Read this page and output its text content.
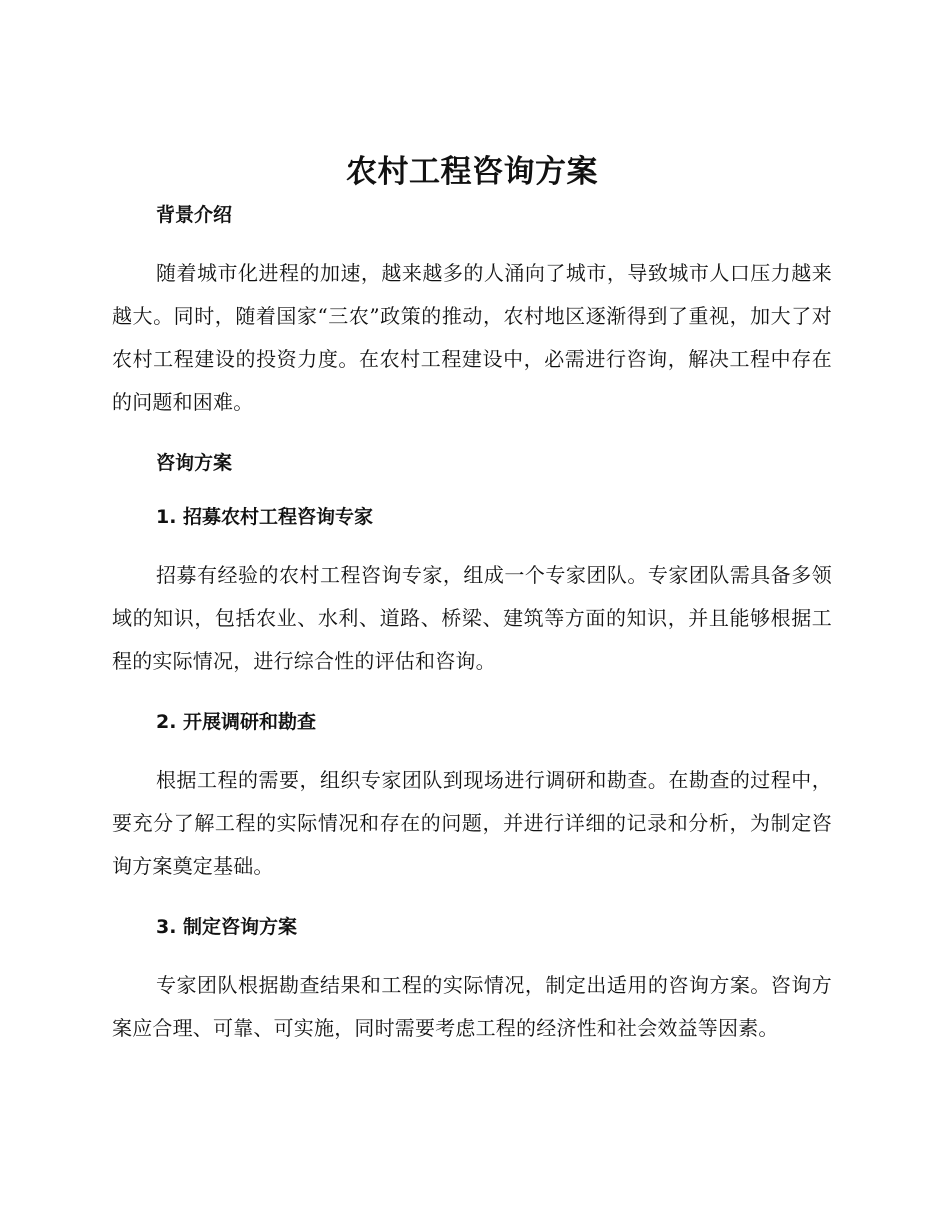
农村工程咨询方案
背景介绍

随着城市化进程的加速，越来越多的人涌向了城市，导致城市人口压力越来越大。同时，随着国家“三农”政策的推动，农村地区逐渐得到了重视，加大了对农村工程建设的投资力度。在农村工程建设中，必需进行咨询，解决工程中存在的问题和困难。

咨询方案
1. 招募农村工程咨询专家

招募有经验的农村工程咨询专家，组成一个专家团队。专家团队需具备多领域的知识，包括农业、水利、道路、桥梁、建筑等方面的知识，并且能够根据工程的实际情况，进行综合性的评估和咨询。

2. 开展调研和勘查

根据工程的需要，组织专家团队到现场进行调研和勘查。在勘查的过程中，要充分了解工程的实际情况和存在的问题，并进行详细的记录和分析，为制定咨询方案奠定基础。

3. 制定咨询方案

专家团队根据勘查结果和工程的实际情况，制定出适用的咨询方案。咨询方案应合理、可靠、可实施，同时需要考虑工程的经济性和社会效益等因素。
